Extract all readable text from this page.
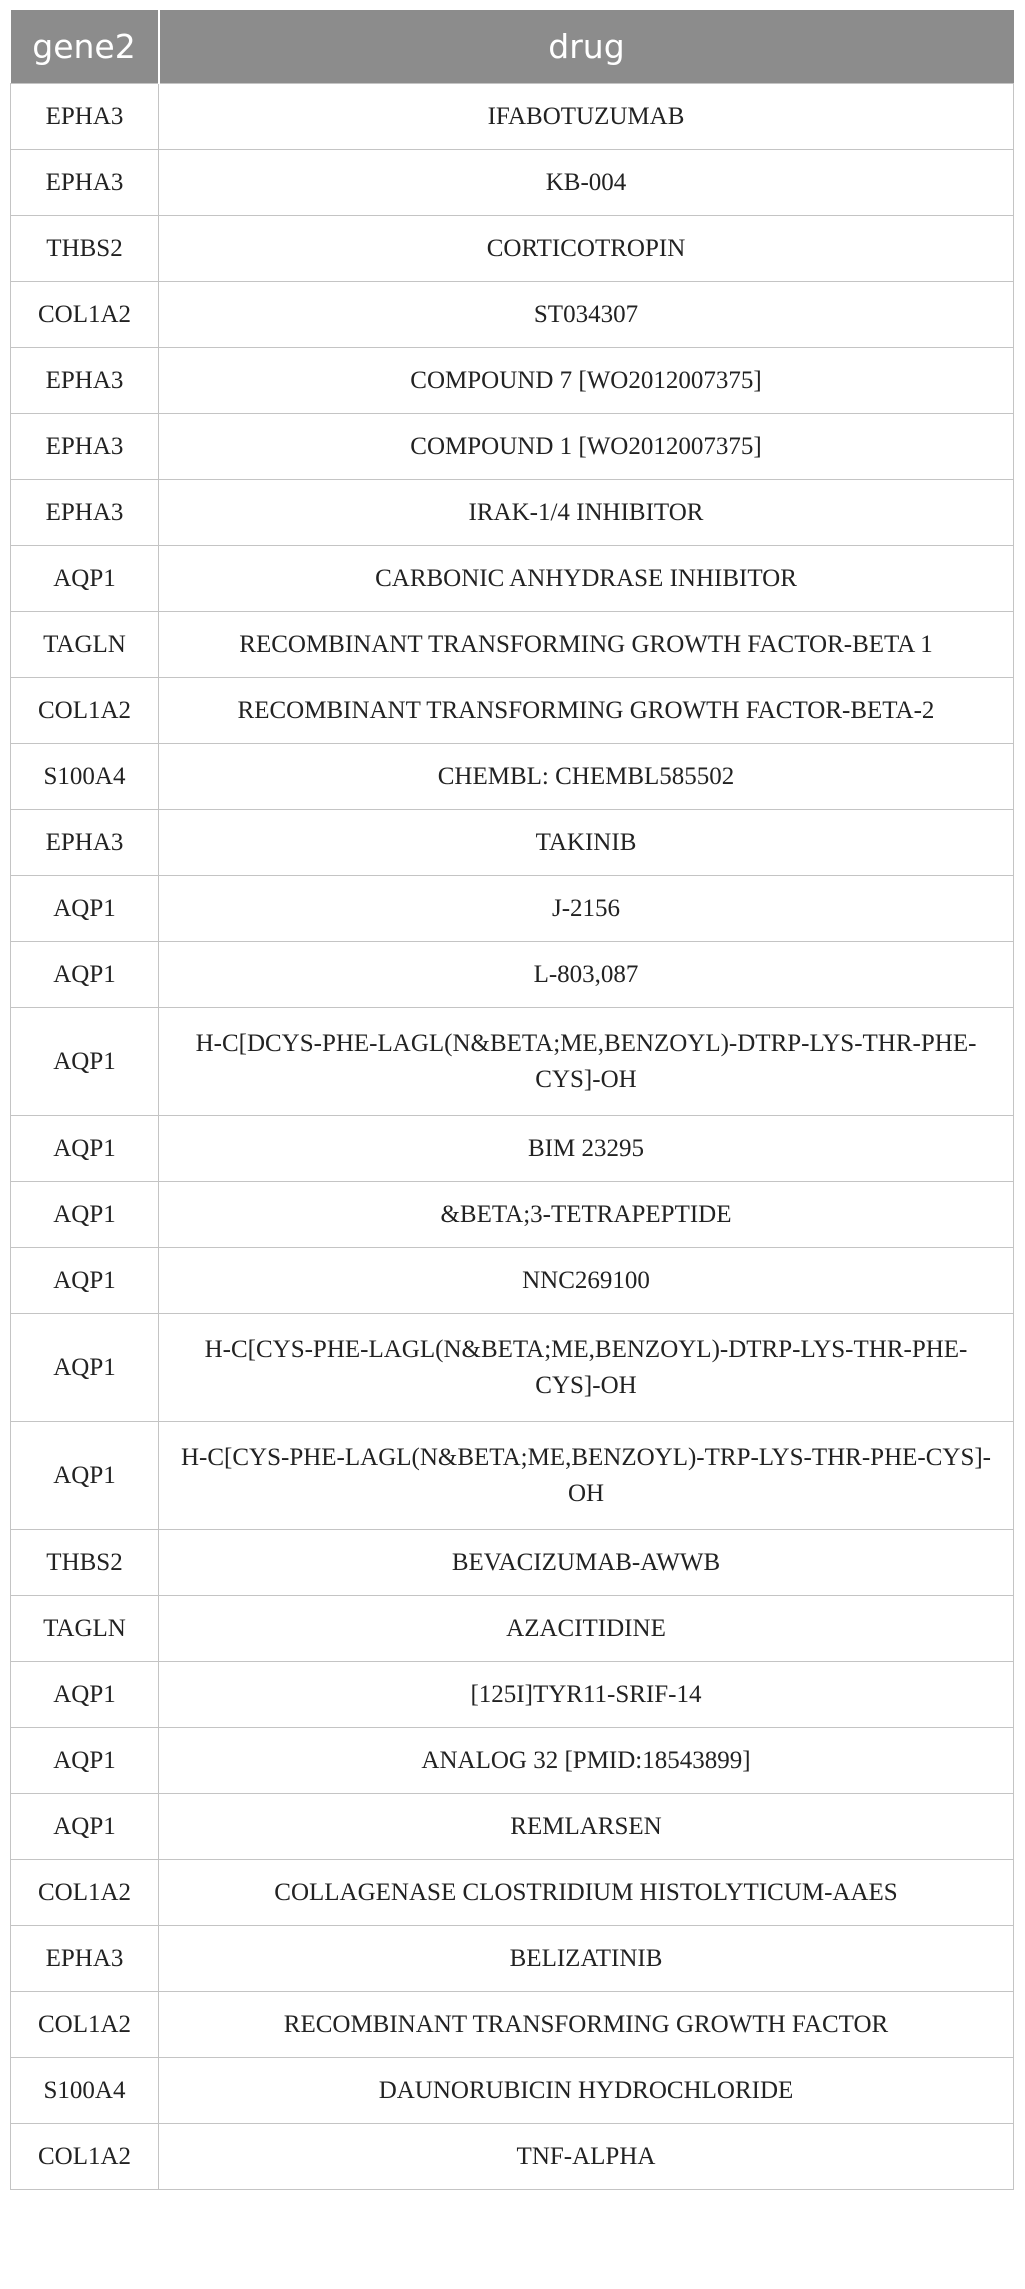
gene2	drug
EPHA3	IFABOTUZUMAB
EPHA3	KB-004
THBS2	CORTICOTROPIN
COL1A2	ST034307
EPHA3	COMPOUND 7 [WO2012007375]
EPHA3	COMPOUND 1 [WO2012007375]
EPHA3	IRAK-1/4 INHIBITOR
AQP1	CARBONIC ANHYDRASE INHIBITOR
TAGLN	RECOMBINANT TRANSFORMING GROWTH FACTOR-BETA 1
COL1A2	RECOMBINANT TRANSFORMING GROWTH FACTOR-BETA-2
S100A4	CHEMBL: CHEMBL585502
EPHA3	TAKINIB
AQP1	J-2156
AQP1	L-803,087
AQP1	H-C[DCYS-PHE-LAGL(N&BETA;ME,BENZOYL)-DTRP-LYS-THR-PHE-CYS]-OH
AQP1	BIM 23295
AQP1	&BETA;3-TETRAPEPTIDE
AQP1	NNC269100
AQP1	H-C[CYS-PHE-LAGL(N&BETA;ME,BENZOYL)-DTRP-LYS-THR-PHE-CYS]-OH
AQP1	H-C[CYS-PHE-LAGL(N&BETA;ME,BENZOYL)-TRP-LYS-THR-PHE-CYS]-OH
THBS2	BEVACIZUMAB-AWWB
TAGLN	AZACITIDINE
AQP1	[125I]TYR11-SRIF-14
AQP1	ANALOG 32 [PMID:18543899]
AQP1	REMLARSEN
COL1A2	COLLAGENASE CLOSTRIDIUM HISTOLYTICUM-AAES
EPHA3	BELIZATINIB
COL1A2	RECOMBINANT TRANSFORMING GROWTH FACTOR
S100A4	DAUNORUBICIN HYDROCHLORIDE
COL1A2	TNF-ALPHA
